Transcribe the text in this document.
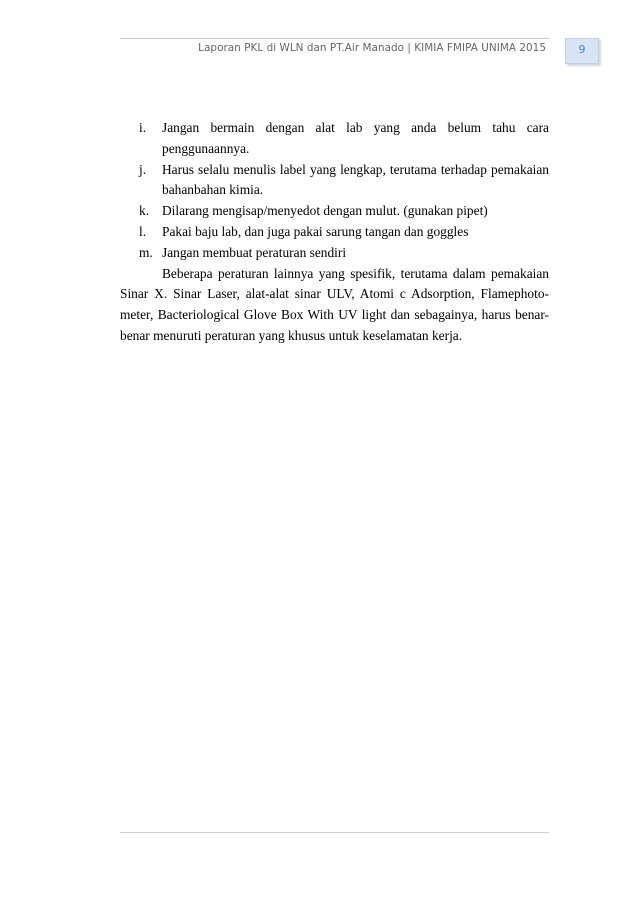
Laporan PKL di WLN dan PT.Air Manado | KIMIA FMIPA UNIMA 2015	9
i. Jangan bermain dengan alat lab yang anda belum tahu cara penggunaannya.
j. Harus selalu menulis label yang lengkap, terutama terhadap pemakaian bahanbahan kimia.
k. Dilarang mengisap/menyedot dengan mulut. (gunakan pipet)
l. Pakai baju lab, dan juga pakai sarung tangan dan goggles
m. Jangan membuat peraturan sendiri

Beberapa peraturan lainnya yang spesifik, terutama dalam pemakaian Sinar X. Sinar Laser, alat-alat sinar ULV, Atomi c Adsorption, Flamephoto-meter, Bacteriological Glove Box With UV light dan sebagainya, harus benar-benar menuruti peraturan yang khusus untuk keselamatan kerja.
